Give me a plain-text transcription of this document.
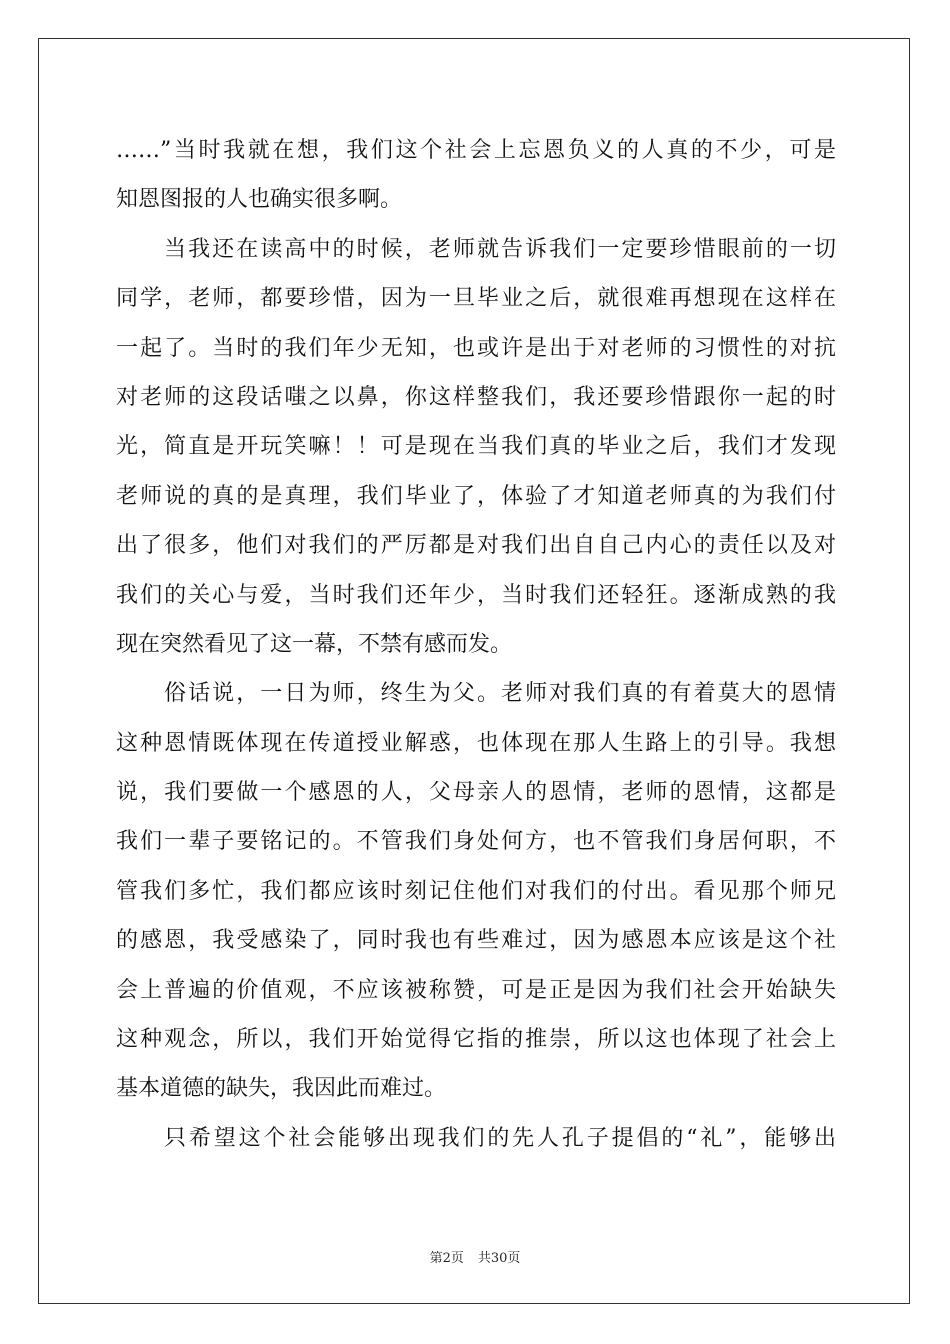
……”当时我就在想，我们这个社会上忘恩负义的人真的不少，可是
知恩图报的人也确实很多啊。
当我还在读高中的时候，老师就告诉我们一定要珍惜眼前的一切
同学，老师，都要珍惜，因为一旦毕业之后，就很难再想现在这样在
一起了。当时的我们年少无知，也或许是出于对老师的习惯性的对抗
对老师的这段话嗤之以鼻，你这样整我们，我还要珍惜跟你一起的时
光，简直是开玩笑嘛！！可是现在当我们真的毕业之后，我们才发现
老师说的真的是真理，我们毕业了，体验了才知道老师真的为我们付
出了很多，他们对我们的严厉都是对我们出自自己内心的责任以及对
我们的关心与爱，当时我们还年少，当时我们还轻狂。逐渐成熟的我
现在突然看见了这一幕，不禁有感而发。
俗话说，一日为师，终生为父。老师对我们真的有着莫大的恩情
这种恩情既体现在传道授业解惑，也体现在那人生路上的引导。我想
说，我们要做一个感恩的人，父母亲人的恩情，老师的恩情，这都是
我们一辈子要铭记的。不管我们身处何方，也不管我们身居何职，不
管我们多忙，我们都应该时刻记住他们对我们的付出。看见那个师兄
的感恩，我受感染了，同时我也有些难过，因为感恩本应该是这个社
会上普遍的价值观，不应该被称赞，可是正是因为我们社会开始缺失
这种观念，所以，我们开始觉得它指的推崇，所以这也体现了社会上
基本道德的缺失，我因此而难过。
只希望这个社会能够出现我们的先人孔子提倡的“礼”，能够出
第2页 共30页
